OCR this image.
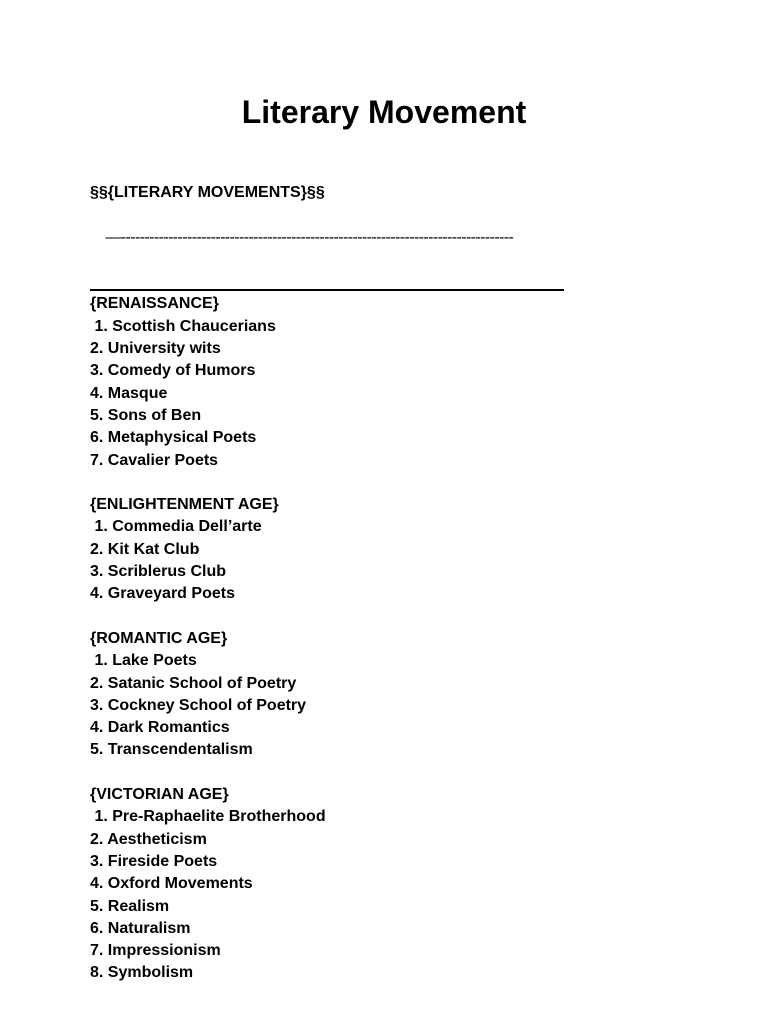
Literary Movement
§§{LITERARY MOVEMENTS}§§

—-----------------------------------------------------------------------------------

{RENAISSANCE}
1. Scottish Chaucerians
2. University wits
3. Comedy of Humors
4. Masque
5. Sons of Ben
6. Metaphysical Poets
7. Cavalier Poets
{ENLIGHTENMENT AGE}
1. Commedia Dell’arte
2. Kit Kat Club
3. Scriblerus Club
4. Graveyard Poets
{ROMANTIC AGE}
1. Lake Poets
2. Satanic School of Poetry
3. Cockney School of Poetry
4. Dark Romantics
5. Transcendentalism
{VICTORIAN AGE}
1. Pre-Raphaelite Brotherhood
2. Aestheticism
3. Fireside Poets
4. Oxford Movements
5. Realism
6. Naturalism
7. Impressionism
8. Symbolism
